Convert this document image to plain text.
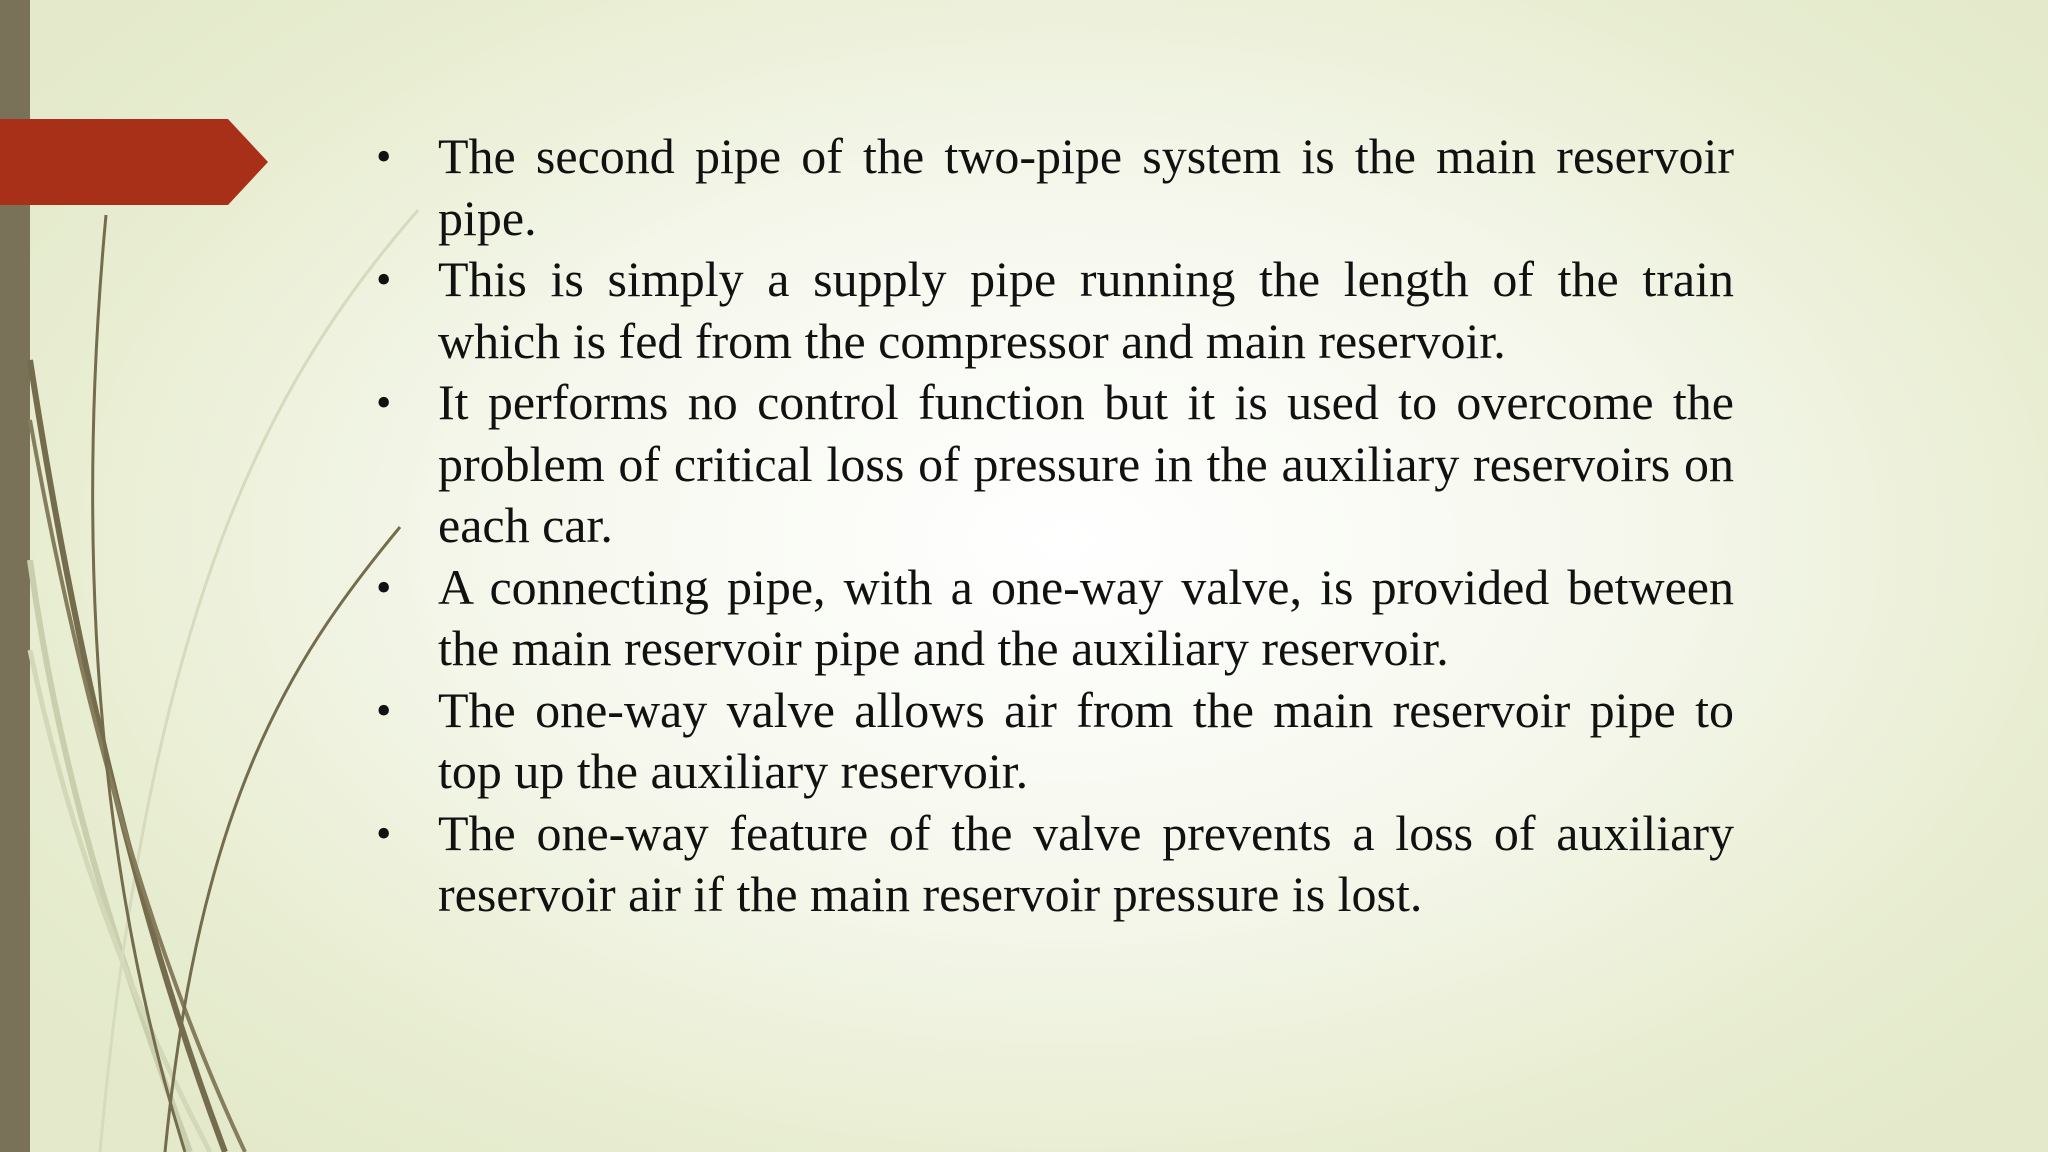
• The second pipe of the two-pipe system is the main reservoir pipe.
• This is simply a supply pipe running the length of the train which is fed from the compressor and main reservoir.
• It performs no control function but it is used to overcome the problem of critical loss of pressure in the auxiliary reservoirs on each car.
• A connecting pipe, with a one-way valve, is provided between the main reservoir pipe and the auxiliary reservoir.
• The one-way valve allows air from the main reservoir pipe to top up the auxiliary reservoir.
• The one-way feature of the valve prevents a loss of auxiliary reservoir air if the main reservoir pressure is lost.
